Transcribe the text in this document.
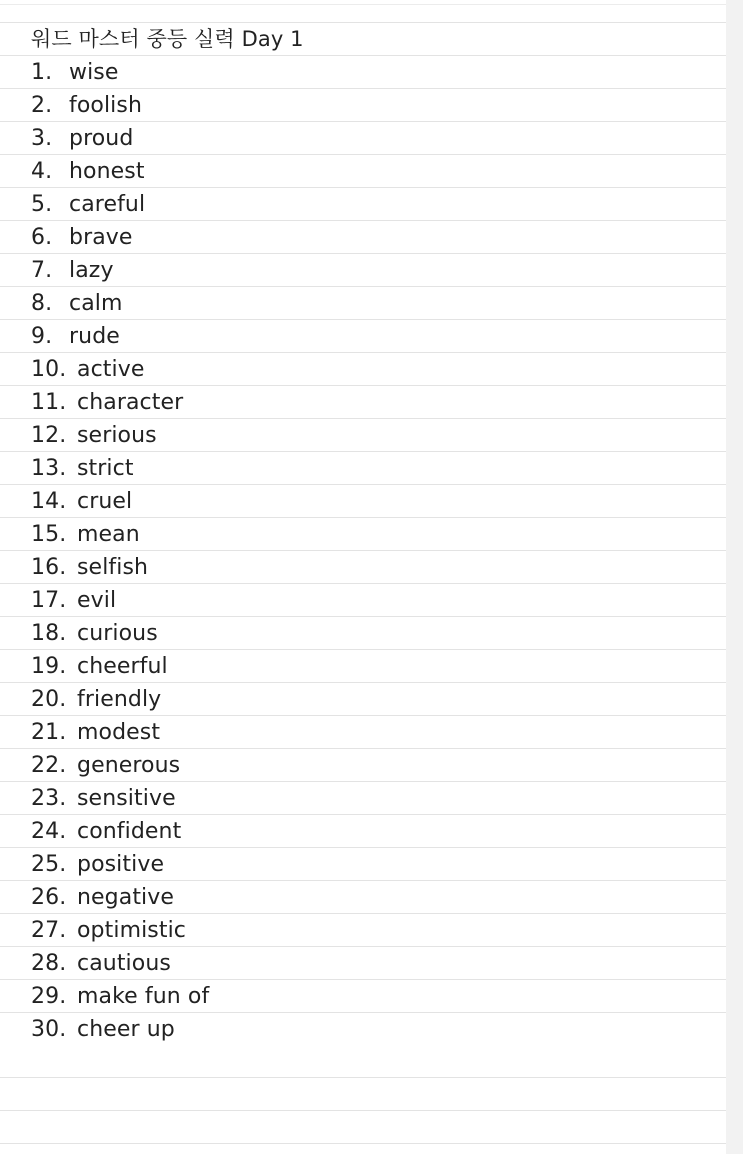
워드 마스터 중등 실력 Day 1
1. wise
2. foolish
3. proud
4. honest
5. careful
6. brave
7. lazy
8. calm
9. rude
10. active
11. character
12. serious
13. strict
14. cruel
15. mean
16. selfish
17. evil
18. curious
19. cheerful
20. friendly
21. modest
22. generous
23. sensitive
24. confident
25. positive
26. negative
27. optimistic
28. cautious
29. make fun of
30. cheer up
